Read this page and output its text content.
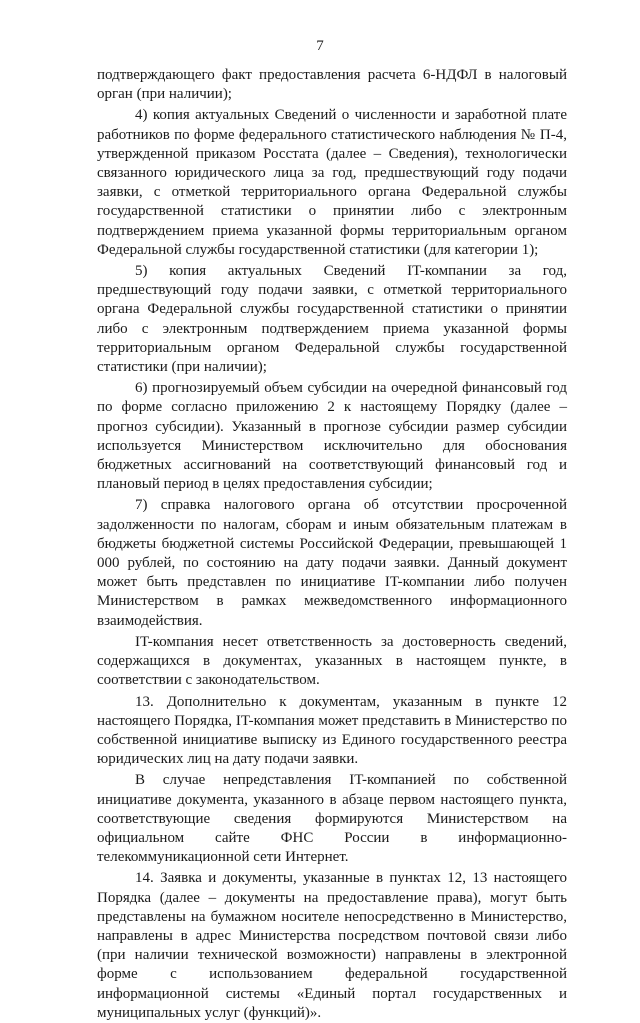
7

подтверждающего факт предоставления расчета 6-НДФЛ в налоговый орган (при наличии);

4) копия актуальных Сведений о численности и заработной плате работников по форме федерального статистического наблюдения № П-4, утвержденной приказом Росстата (далее – Сведения), технологически связанного юридического лица за год, предшествующий году подачи заявки, с отметкой территориального органа Федеральной службы государственной статистики о принятии либо с электронным подтверждением приема указанной формы территориальным органом Федеральной службы государственной статистики (для категории 1);

5) копия актуальных Сведений IT-компании за год, предшествующий году подачи заявки, с отметкой территориального органа Федеральной службы государственной статистики о принятии либо с электронным подтверждением приема указанной формы территориальным органом Федеральной службы государственной статистики (при наличии);

6) прогнозируемый объем субсидии на очередной финансовый год по форме согласно приложению 2 к настоящему Порядку (далее – прогноз субсидии). Указанный в прогнозе субсидии размер субсидии используется Министерством исключительно для обоснования бюджетных ассигнований на соответствующий финансовый год и плановый период в целях предоставления субсидии;

7) справка налогового органа об отсутствии просроченной задолженности по налогам, сборам и иным обязательным платежам в бюджеты бюджетной системы Российской Федерации, превышающей 1 000 рублей, по состоянию на дату подачи заявки. Данный документ может быть представлен по инициативе IT-компании либо получен Министерством в рамках межведомственного информационного взаимодействия.

IT-компания несет ответственность за достоверность сведений, содержащихся в документах, указанных в настоящем пункте, в соответствии с законодательством.

13. Дополнительно к документам, указанным в пункте 12 настоящего Порядка, IT-компания может представить в Министерство по собственной инициативе выписку из Единого государственного реестра юридических лиц на дату подачи заявки.

В случае непредставления IT-компанией по собственной инициативе документа, указанного в абзаце первом настоящего пункта, соответствующие сведения формируются Министерством на официальном сайте ФНС России в информационно-телекоммуникационной сети Интернет.

14. Заявка и документы, указанные в пунктах 12, 13 настоящего Порядка (далее – документы на предоставление права), могут быть представлены на бумажном носителе непосредственно в Министерство, направлены в адрес Министерства посредством почтовой связи либо (при наличии технической возможности) направлены в электронной форме с использованием федеральной государственной информационной системы «Единый портал государственных и муниципальных услуг (функций)».
